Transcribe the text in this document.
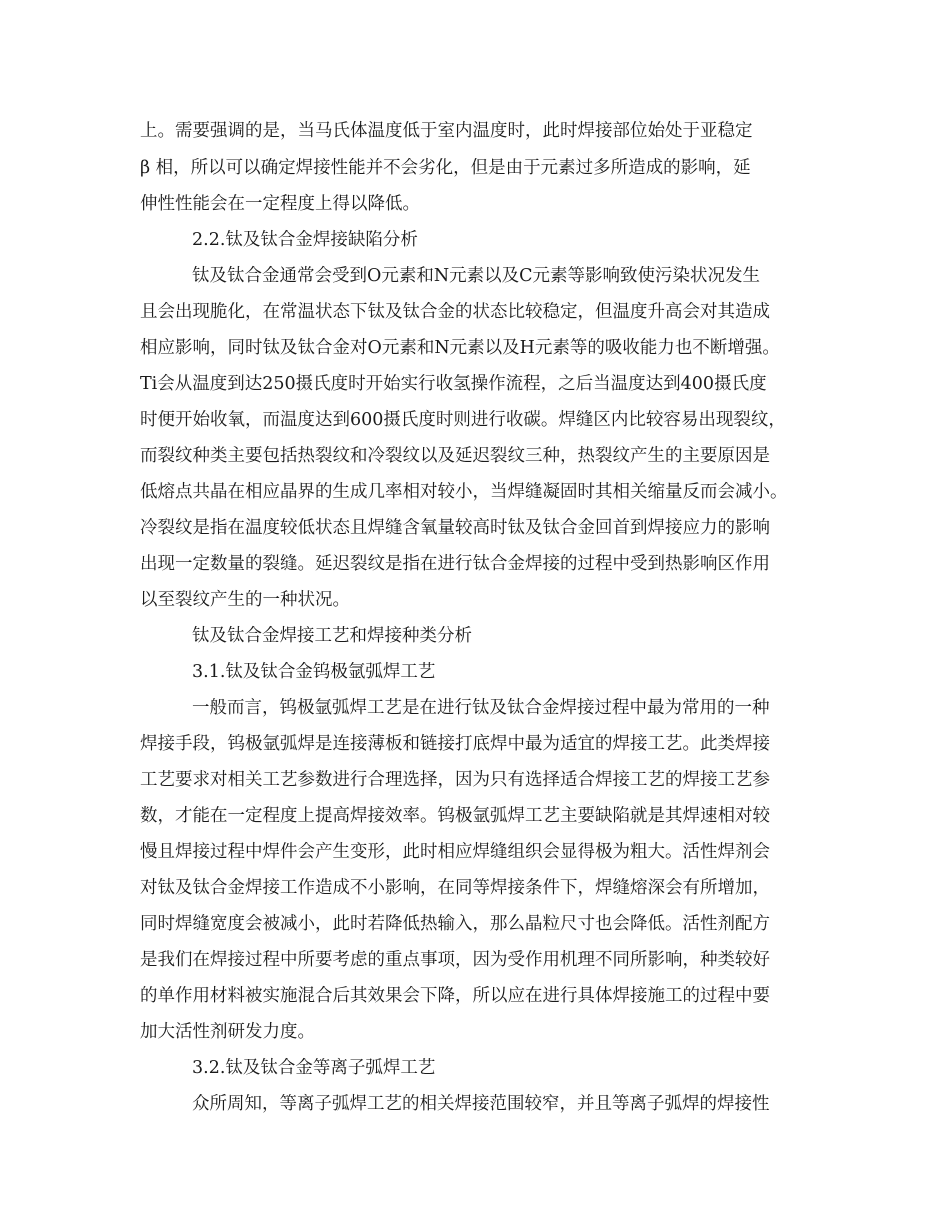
上。需要强调的是，当马氏体温度低于室内温度时，此时焊接部位始处于亚稳定
β 相，所以可以确定焊接性能并不会劣化，但是由于元素过多所造成的影响，延
伸性性能会在一定程度上得以降低。
2.2.钛及钛合金焊接缺陷分析
钛及钛合金通常会受到O元素和N元素以及C元素等影响致使污染状况发生
且会出现脆化，在常温状态下钛及钛合金的状态比较稳定，但温度升高会对其造成
相应影响，同时钛及钛合金对O元素和N元素以及H元素等的吸收能力也不断增强。
Ti会从温度到达250摄氏度时开始实行收氢操作流程，之后当温度达到400摄氏度
时便开始收氧，而温度达到600摄氏度时则进行收碳。焊缝区内比较容易出现裂纹，
而裂纹种类主要包括热裂纹和冷裂纹以及延迟裂纹三种，热裂纹产生的主要原因是
低熔点共晶在相应晶界的生成几率相对较小，当焊缝凝固时其相关缩量反而会减小。
冷裂纹是指在温度较低状态且焊缝含氧量较高时钛及钛合金回首到焊接应力的影响
出现一定数量的裂缝。延迟裂纹是指在进行钛合金焊接的过程中受到热影响区作用
以至裂纹产生的一种状况。
钛及钛合金焊接工艺和焊接种类分析
3.1.钛及钛合金钨极氩弧焊工艺
一般而言，钨极氩弧焊工艺是在进行钛及钛合金焊接过程中最为常用的一种
焊接手段，钨极氩弧焊是连接薄板和链接打底焊中最为适宜的焊接工艺。此类焊接
工艺要求对相关工艺参数进行合理选择，因为只有选择适合焊接工艺的焊接工艺参
数，才能在一定程度上提高焊接效率。钨极氩弧焊工艺主要缺陷就是其焊速相对较
慢且焊接过程中焊件会产生变形，此时相应焊缝组织会显得极为粗大。活性焊剂会
对钛及钛合金焊接工作造成不小影响，在同等焊接条件下，焊缝熔深会有所增加，
同时焊缝宽度会被减小，此时若降低热输入，那么晶粒尺寸也会降低。活性剂配方
是我们在焊接过程中所要考虑的重点事项，因为受作用机理不同所影响，种类较好
的单作用材料被实施混合后其效果会下降，所以应在进行具体焊接施工的过程中要
加大活性剂研发力度。
3.2.钛及钛合金等离子弧焊工艺
众所周知，等离子弧焊工艺的相关焊接范围较窄，并且等离子弧焊的焊接性
